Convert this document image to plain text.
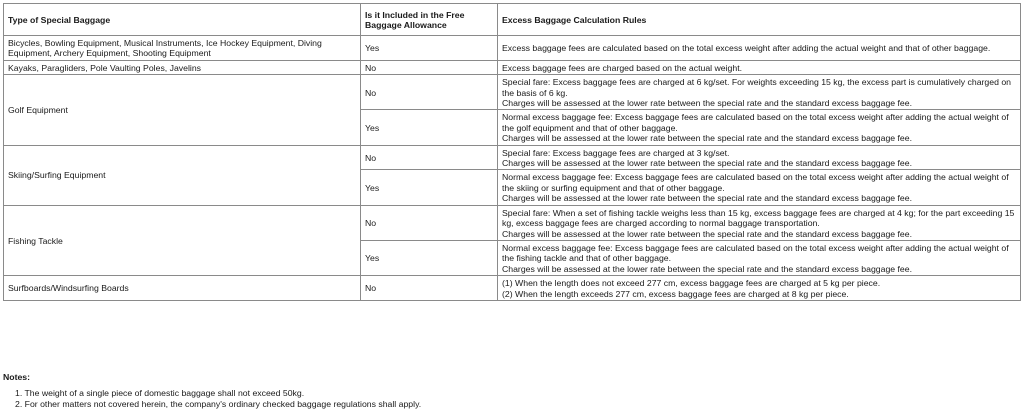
Type of Special Baggage	Is it Included in the Free Baggage Allowance	Excess Baggage Calculation Rules
Bicycles, Bowling Equipment, Musical Instruments, Ice Hockey Equipment, Diving Equipment, Archery Equipment, Shooting Equipment	Yes	Excess baggage fees are calculated based on the total excess weight after adding the actual weight and that of other baggage.

Kayaks, Paragliders, Pole Vaulting Poles, Javelins	No	Excess baggage fees are charged based on the actual weight.

Golf Equipment	No	Special fare: Excess baggage fees are charged at 6 kg/set. For weights exceeding 15 kg, the excess part is cumulatively charged on the basis of 6 kg.
Charges will be assessed at the lower rate between the special rate and the standard excess baggage fee.

	Yes	Normal excess baggage fee: Excess baggage fees are calculated based on the total excess weight after adding the actual weight of the golf equipment and that of other baggage.
Charges will be assessed at the lower rate between the special rate and the standard excess baggage fee.

Skiing/Surfing Equipment	No	Special fare: Excess baggage fees are charged at 3 kg/set.
Charges will be assessed at the lower rate between the special rate and the standard excess baggage fee.

	Yes	Normal excess baggage fee: Excess baggage fees are calculated based on the total excess weight after adding the actual weight of the skiing or surfing equipment and that of other baggage.
Charges will be assessed at the lower rate between the special rate and the standard excess baggage fee.

Fishing Tackle	No	Special fare: When a set of fishing tackle weighs less than 15 kg, excess baggage fees are charged at 4 kg; for the part exceeding 15 kg, excess baggage fees are charged according to normal baggage transportation.
Charges will be assessed at the lower rate between the special rate and the standard excess baggage fee.

	Yes	Normal excess baggage fee: Excess baggage fees are calculated based on the total excess weight after adding the actual weight of the fishing tackle and that of other baggage.
Charges will be assessed at the lower rate between the special rate and the standard excess baggage fee.

Surfboards/Windsurfing Boards	No	(1) When the length does not exceed 277 cm, excess baggage fees are charged at 5 kg per piece.
(2) When the length exceeds 277 cm, excess baggage fees are charged at 8 kg per piece.
Notes:
1. The weight of a single piece of domestic baggage shall not exceed 50kg.
2. For other matters not covered herein, the company's ordinary checked baggage regulations shall apply.
